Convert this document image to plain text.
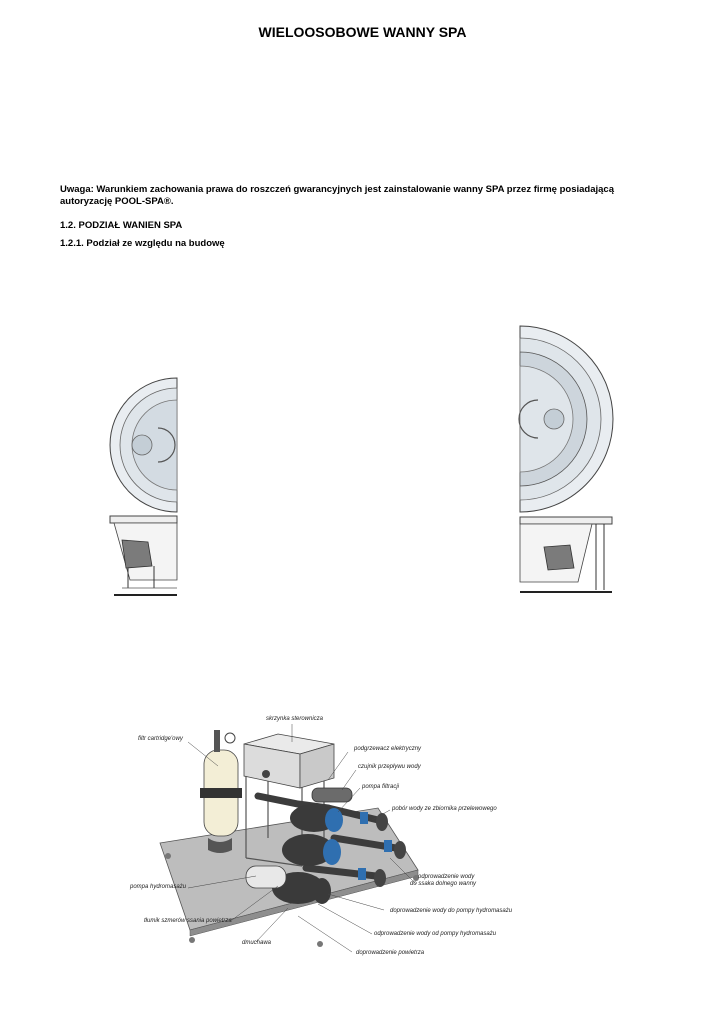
WIELOOSOBOWE WANNY SPA
Uwaga: Warunkiem zachowania prawa do roszczeń gwarancyjnych jest zainstalowanie wanny SPA przez firmę posiadającą autoryzację POOL-SPA®.
1.2. PODZIAŁ WANIEN SPA
1.2.1. Podział ze względu na budowę
skrzynka sterownicza
filtr cartridge'owy
podgrzewacz elektryczny
czujnik przepływu wody
pompa filtracji
pobór wody ze zbiornika przelewowego
odprowadzenie wody
do ssaka dolnego wanny
pompa hydromasażu
tłumik szmerów ssania powietrza
doprowadzenie wody do pompy hydromasażu
odprowadzenie wody od pompy hydromasażu
dmuchawa
doprowadzenie powietrza
